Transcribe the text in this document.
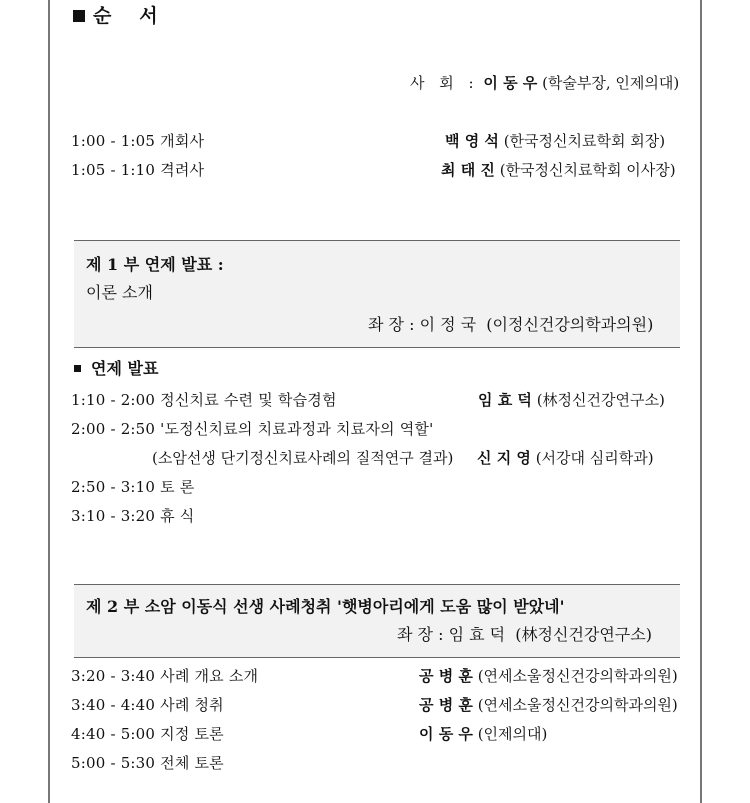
순   서
사 회 : 이 동 우 (학술부장, 인제의대)
1:00 - 1:05 개회사	백 영 석 (한국정신치료학회 회장)
1:05 - 1:10 격려사	최 태 진 (한국정신치료학회 이사장)
제 1 부 연제 발표 :
이론 소개
좌 장 : 이 정 국  (이정신건강의학과의원)
연제 발표
1:10 - 2:00 정신치료 수련 및 학습경험	임 효 덕 (林정신건강연구소)
2:00 - 2:50 '도정신치료의 치료과정과 치료자의 역할'
(소암선생 단기정신치료사례의 질적연구 결과) 신 지 영 (서강대 심리학과)
2:50 - 3:10 토 론
3:10 - 3:20 휴 식
제 2 부 소암 이동식 선생 사례청취 '햇병아리에게 도움 많이 받았네'
좌 장 : 임 효 덕  (林정신건강연구소)
3:20 - 3:40 사례 개요 소개	공 병 훈 (연세소울정신건강의학과의원)
3:40 - 4:40 사례 청취	공 병 훈 (연세소울정신건강의학과의원)
4:40 - 5:00 지정 토론	이 동 우 (인제의대)
5:00 - 5:30 전체 토론
